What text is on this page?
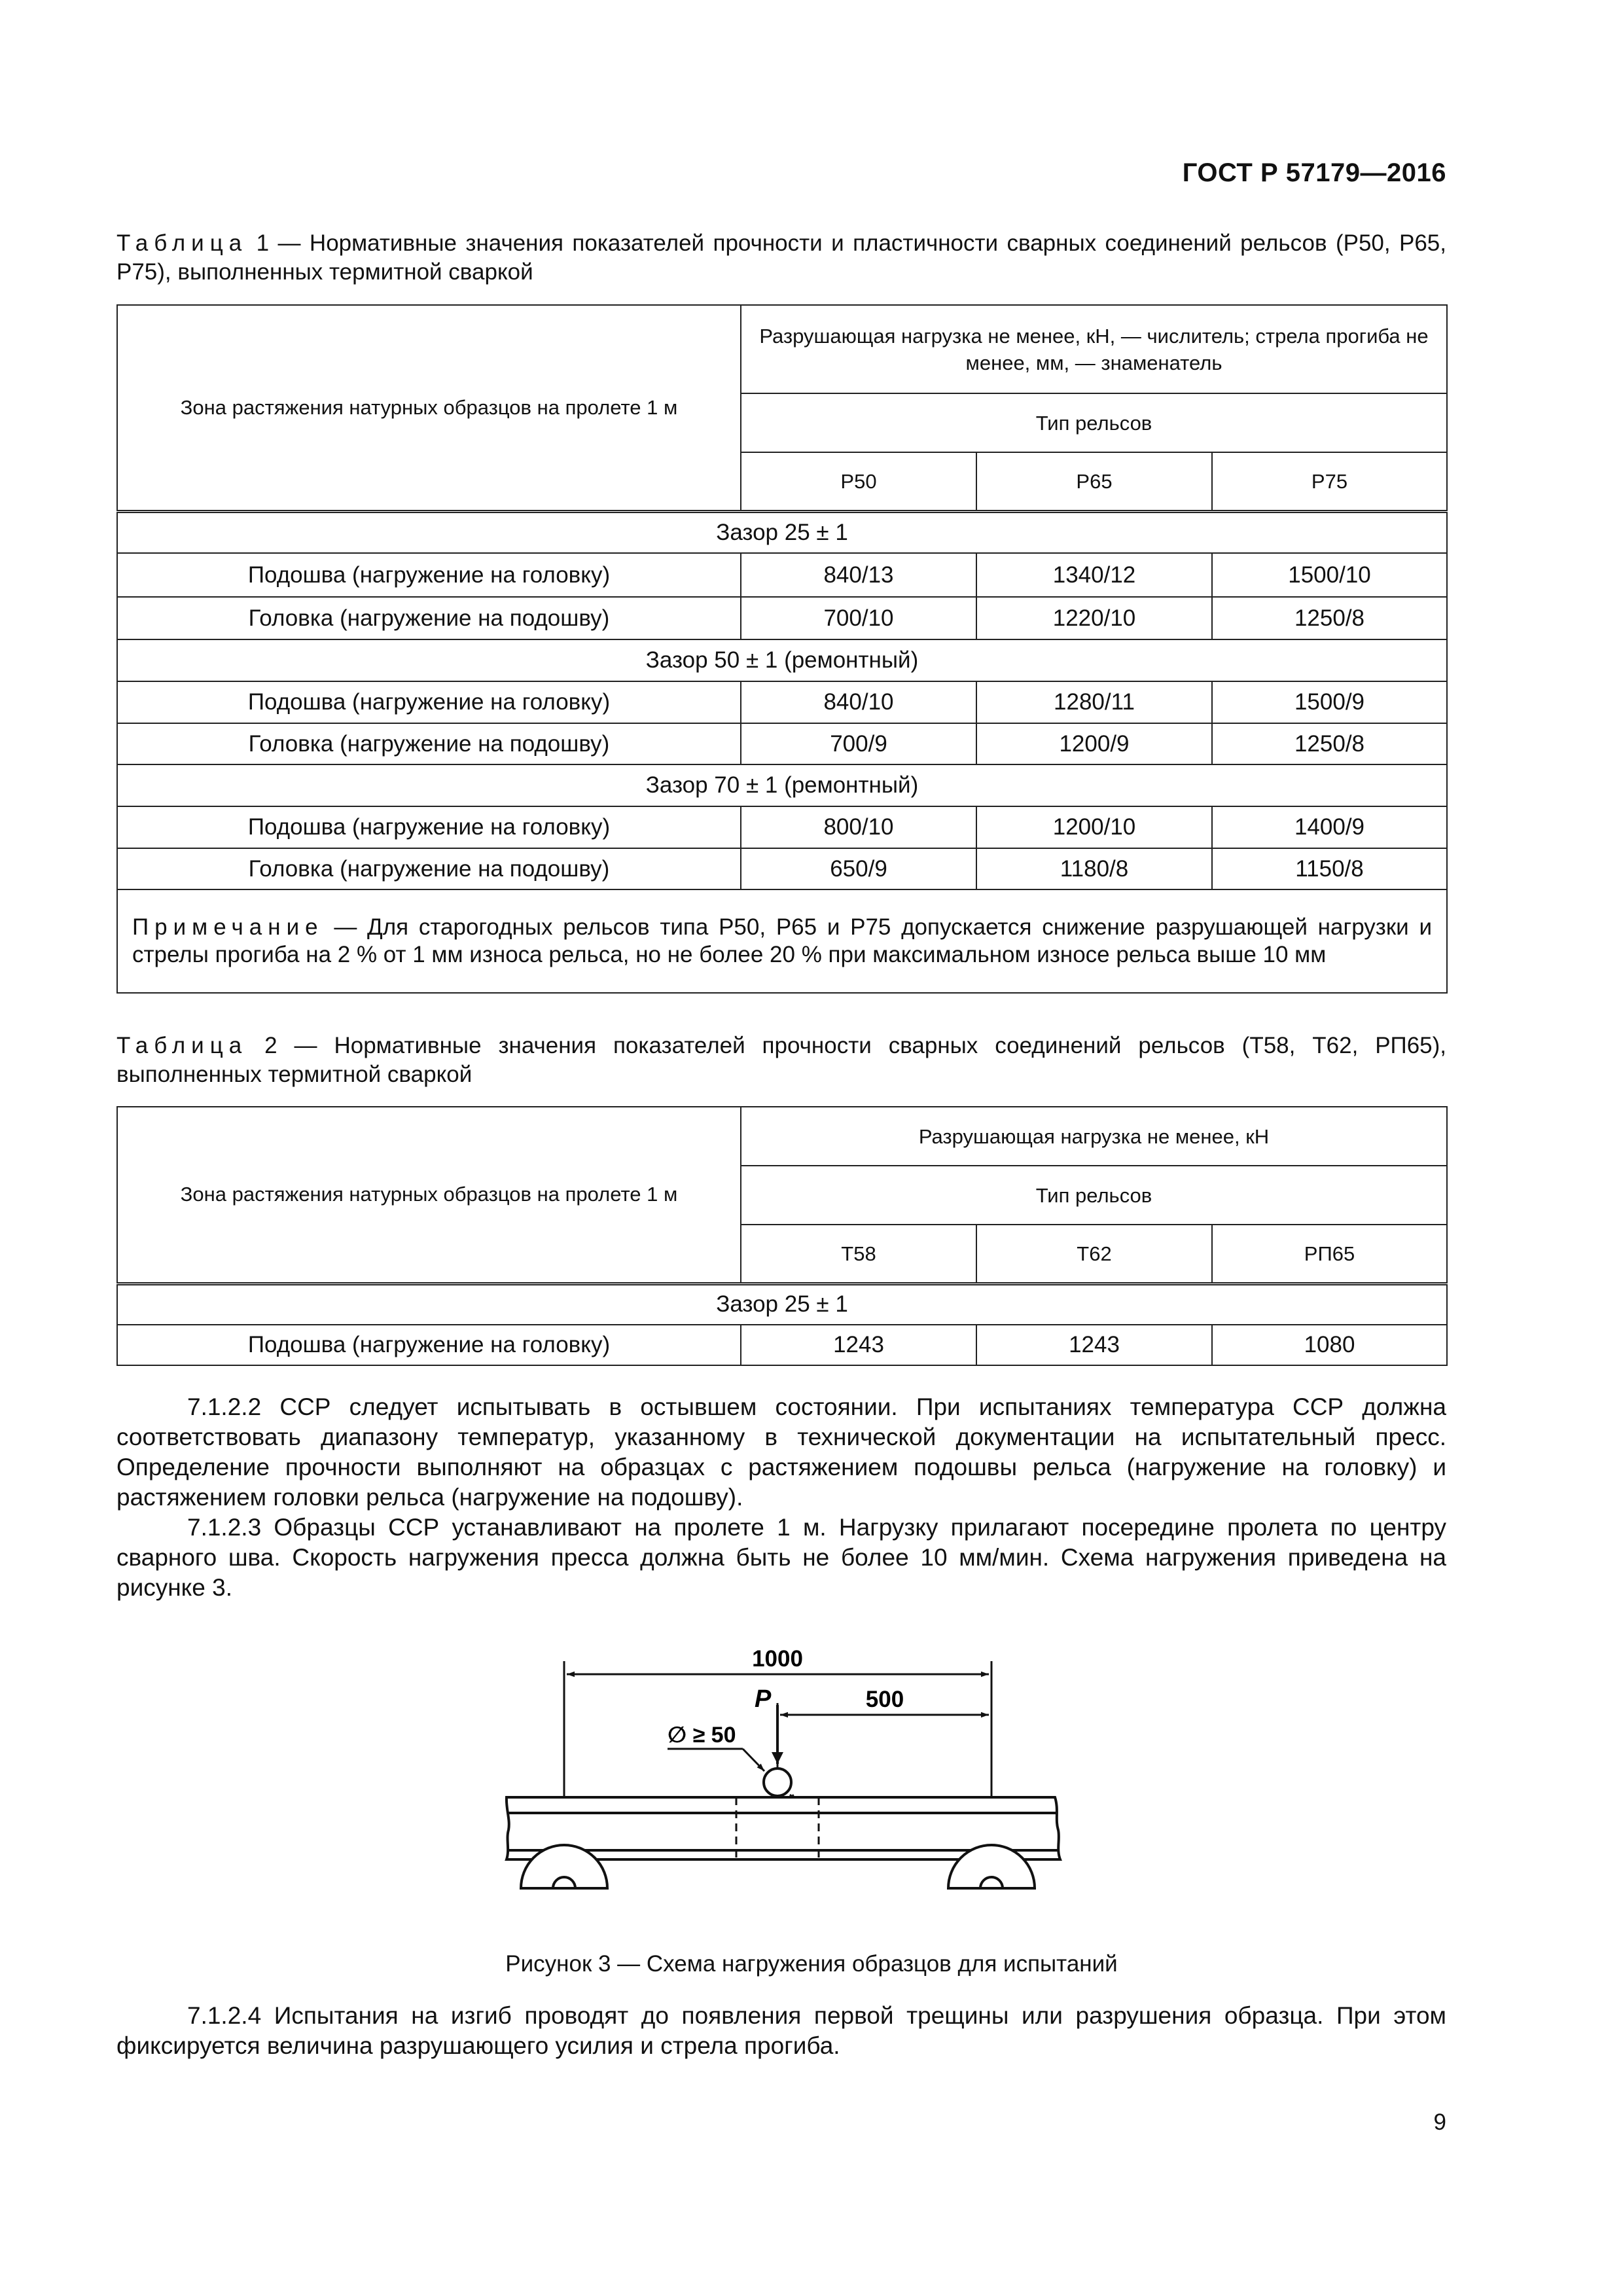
ГОСТ Р 57179—2016
Таблица 1 — Нормативные значения показателей прочности и пластичности сварных соединений рельсов (Р50, Р65, Р75), выполненных термитной сваркой
Зона растяжения натурных образцов на пролете 1 м	Разрушающая нагрузка не менее, кН, — числитель; стрела прогиба не менее, мм, — знаменатель		
	Тип рельсов		
	Р50	Р65	Р75
Зазор 25 ± 1			
Подошва (нагружение на головку)	840/13	1340/12	1500/10
Головка (нагружение на подошву)	700/10	1220/10	1250/8
Зазор 50 ± 1 (ремонтный)			
Подошва (нагружение на головку)	840/10	1280/11	1500/9
Головка (нагружение на подошву)	700/9	1200/9	1250/8
Зазор 70 ± 1 (ремонтный)			
Подошва (нагружение на головку)	800/10	1200/10	1400/9
Головка (нагружение на подошву)	650/9	1180/8	1150/8
Примечание — Для старогодных рельсов типа Р50, Р65 и Р75 допускается снижение разрушающей нагрузки и стрелы прогиба на 2 % от 1 мм износа рельса, но не более 20 % при максимальном износе рельса выше 10 мм			
Таблица 2 — Нормативные значения показателей прочности сварных соединений рельсов (Т58, Т62, РП65), выполненных термитной сваркой
Зона растяжения натурных образцов на пролете 1 м	Разрушающая нагрузка не менее, кН		
	Тип рельсов		
	Т58	Т62	РП65
Зазор 25 ± 1			
Подошва (нагружение на головку)	1243	1243	1080

7.1.2.2 ССР следует испытывать в остывшем состоянии. При испытаниях температура ССР должна соответствовать диапазону температур, указанному в технической документации на испытательный пресс. Определение прочности выполняют на образцах с растяжением подошвы рельса (нагружение на головку) и растяжением головки рельса (нагружение на подошву).

7.1.2.3 Образцы ССР устанавливают на пролете 1 м. Нагрузку прилагают посередине пролета по центру сварного шва. Скорость нагружения пресса должна быть не более 10 мм/мин. Схема нагружения приведена на рисунке 3.

1000
500
P
∅ ≥ 50
Рисунок 3 — Схема нагружения образцов для испытаний

7.1.2.4 Испытания на изгиб проводят до появления первой трещины или разрушения образца. При этом фиксируется величина разрушающего усилия и стрела прогиба.

9
